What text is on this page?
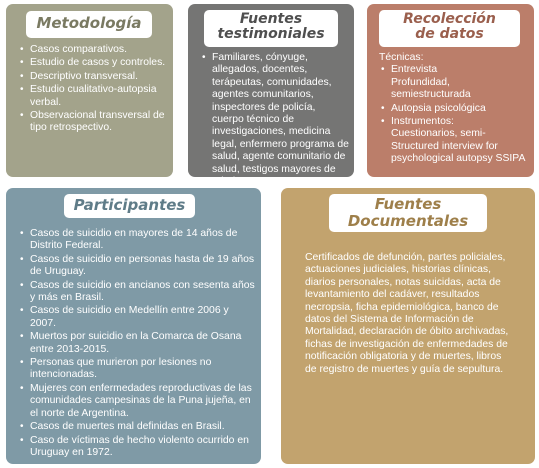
Metodología
• Casos comparativos.
• Estudio de casos y controles.
• Descriptivo transversal.
• Estudio cualitativo-autopsia verbal.
• Observacional transversal de tipo retrospectivo.
Fuentes
testimoniales
• Familiares, cónyuge, allegados, docentes, terápeutas, comunidades, agentes comunitarios, inspectores de policía, cuerpo técnico de investigaciones, medicina legal, enfermero programa de salud, agente comunitario de salud, testigos mayores de edad.
Recolección
de datos
Técnicas:
• Entrevista
Profundidad, semiestructurada
• Autopsia psicológica
• Instrumentos:
Cuestionarios, semi-Structured interview for psychological autopsy SSIPA
Participantes
• Casos de suicidio en mayores de 14 años de Distrito Federal.
• Casos de suicidio en personas hasta de 19 años de Uruguay.
• Casos de suicidio en ancianos con sesenta años y más en Brasil.
• Casos de suicidio en Medellín entre 2006 y 2007.
• Muertos por suicidio en la Comarca de Osana entre 2013-2015.
• Personas que murieron por lesiones no intencionadas.
• Mujeres con enfermedades reproductivas de las comunidades campesinas de la Puna jujeña, en el norte de Argentina.
• Casos de muertes mal definidas en Brasil.
• Caso de víctimas de hecho violento ocurrido en Uruguay en 1972.
Fuentes
Documentales
Certificados de defunción, partes policiales, actuaciones judiciales, historias clínicas, diarios personales, notas suicidas, acta de levantamiento del cadáver, resultados necropsia, ficha epidemiológica, banco de datos del Sistema de Información de Mortalidad, declaración de óbito archivadas, fichas de investigación de enfermedades de notificación obligatoria y de muertes, libros de registro de muertes y guía de sepultura.
